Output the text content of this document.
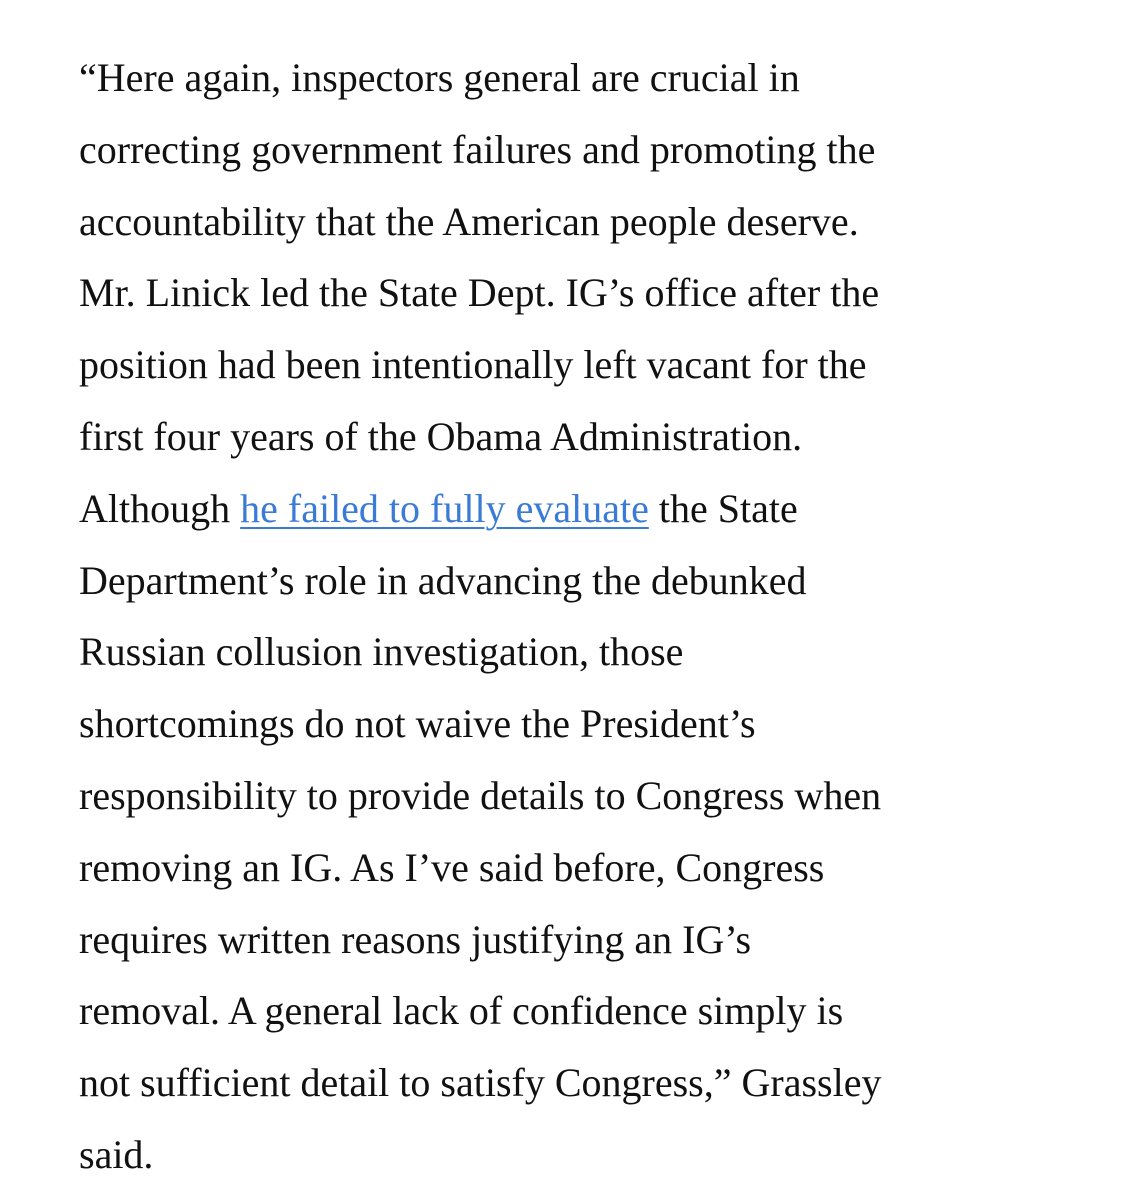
“Here again, inspectors general are crucial in
correcting government failures and promoting the
accountability that the American people deserve.
Mr. Linick led the State Dept. IG’s office after the
position had been intentionally left vacant for the
first four years of the Obama Administration.
Although he failed to fully evaluate the State
Department’s role in advancing the debunked
Russian collusion investigation, those
shortcomings do not waive the President’s
responsibility to provide details to Congress when
removing an IG. As I’ve said before, Congress
requires written reasons justifying an IG’s
removal. A general lack of confidence simply is
not sufficient detail to satisfy Congress,” Grassley
said.
